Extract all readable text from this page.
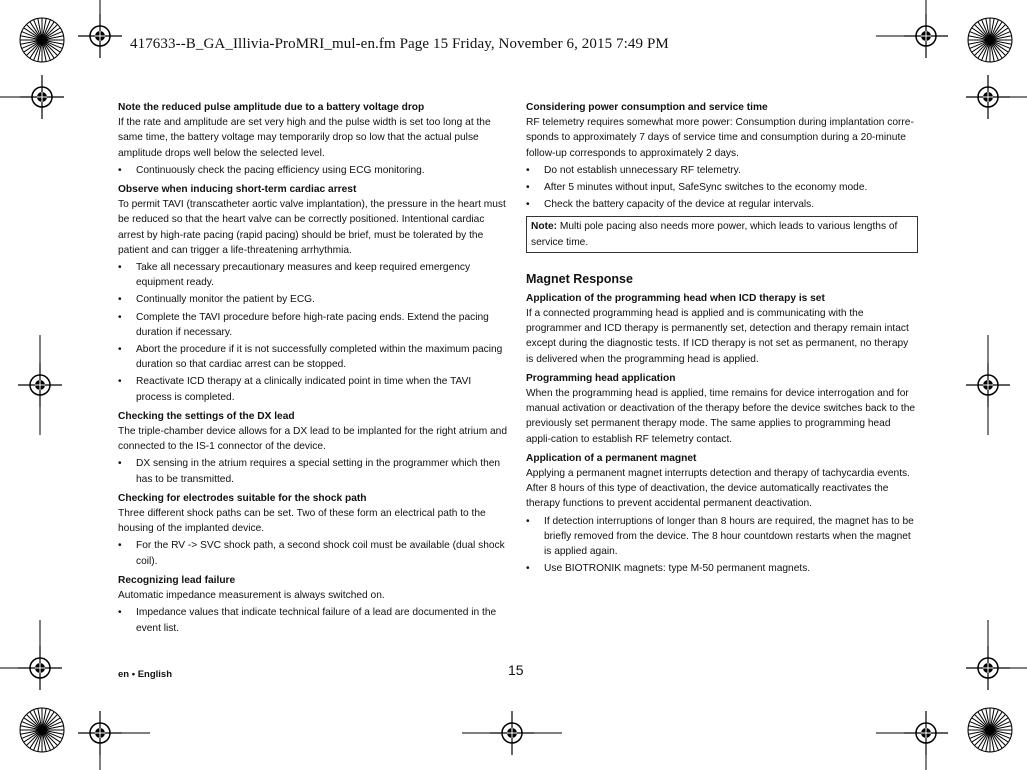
417633--B_GA_Illivia-ProMRI_mul-en.fm Page 15 Friday, November 6, 2015 7:49 PM
Note the reduced pulse amplitude due to a battery voltage drop

If the rate and amplitude are set very high and the pulse width is set too long at the same time, the battery voltage may temporarily drop so low that the actual pulse amplitude drops well below the selected level.

• Continuously check the pacing efficiency using ECG monitoring.
Observe when inducing short-term cardiac arrest

To permit TAVI (transcatheter aortic valve implantation), the pressure in the heart must be reduced so that the heart valve can be correctly positioned. Intentional cardiac arrest by high-rate pacing (rapid pacing) should be brief, must be tolerated by the patient and can trigger a life-threatening arrhythmia.

• Take all necessary precautionary measures and keep required emergency equipment ready.
• Continually monitor the patient by ECG.
• Complete the TAVI procedure before high-rate pacing ends. Extend the pacing duration if necessary.
• Abort the procedure if it is not successfully completed within the maximum pacing duration so that cardiac arrest can be stopped.
• Reactivate ICD therapy at a clinically indicated point in time when the TAVI process is completed.
Checking the settings of the DX lead

The triple-chamber device allows for a DX lead to be implanted for the right atrium and connected to the IS-1 connector of the device.

• DX sensing in the atrium requires a special setting in the programmer which then has to be transmitted.
Checking for electrodes suitable for the shock path

Three different shock paths can be set. Two of these form an electrical path to the housing of the implanted device.

• For the RV -> SVC shock path, a second shock coil must be available (dual shock coil).
Recognizing lead failure

Automatic impedance measurement is always switched on.

• Impedance values that indicate technical failure of a lead are documented in the event list.
Considering power consumption and service time

RF telemetry requires somewhat more power: Consumption during implantation corre-sponds to approximately 7 days of service time and consumption during a 20-minute follow-up corresponds to approximately 2 days.

• Do not establish unnecessary RF telemetry.
• After 5 minutes without input, SafeSync switches to the economy mode.
• Check the battery capacity of the device at regular intervals.
Note: Multi pole pacing also needs more power, which leads to various lengths of service time.
Magnet Response
Application of the programming head when ICD therapy is set

If a connected programming head is applied and is communicating with the programmer and ICD therapy is permanently set, detection and therapy remain intact except during the diagnostic tests. If ICD therapy is not set as permanent, no therapy is delivered when the programming head is applied.

Programming head application

When the programming head is applied, time remains for device interrogation and for manual activation or deactivation of the therapy before the device switches back to the previously set permanent therapy mode. The same applies to programming head appli-cation to establish RF telemetry contact.

Application of a permanent magnet

Applying a permanent magnet interrupts detection and therapy of tachycardia events. After 8 hours of this type of deactivation, the device automatically reactivates the therapy functions to prevent accidental permanent deactivation.

• If detection interruptions of longer than 8 hours are required, the magnet has to be briefly removed from the device. The 8 hour countdown restarts when the magnet is applied again.
• Use BIOTRONIK magnets: type M-50 permanent magnets.
en • English	15
